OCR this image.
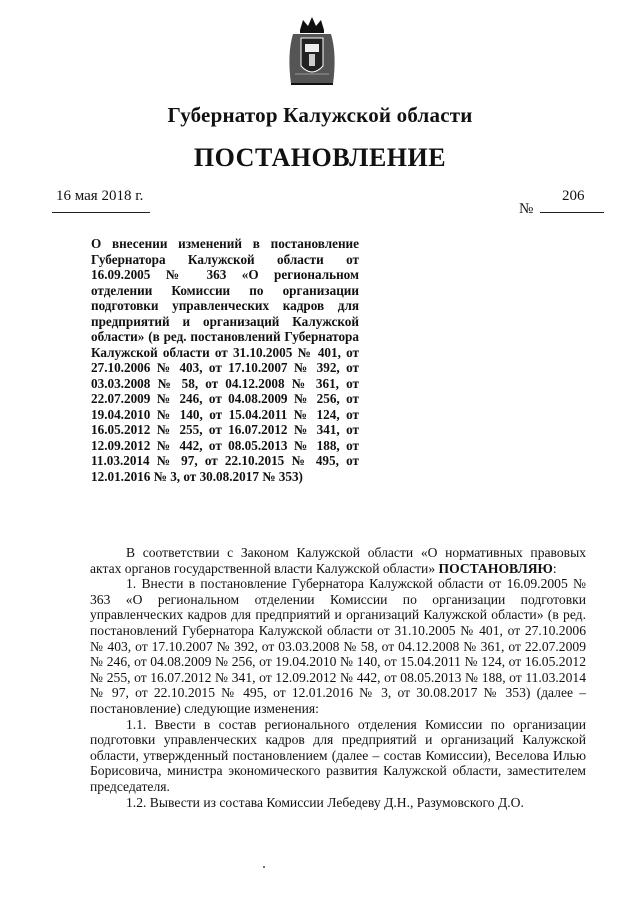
Губернатор Калужской области
ПОСТАНОВЛЕНИЕ
16 мая 2018 г.
№
206
О внесении изменений в постановление Губернатора Калужской области от 16.09.2005 № 363 «О региональном отделении Комиссии по организации подготовки управленческих кадров для предприятий и организаций Калужской области» (в ред. постановлений Губернатора Калужской области от 31.10.2005 № 401, от 27.10.2006 № 403, от 17.10.2007 № 392, от 03.03.2008 № 58, от 04.12.2008 № 361, от 22.07.2009 № 246, от 04.08.2009 № 256, от 19.04.2010 № 140, от 15.04.2011 № 124, от 16.05.2012 № 255, от 16.07.2012 № 341, от 12.09.2012 № 442, от 08.05.2013 № 188, от 11.03.2014 № 97, от 22.10.2015 № 495, от 12.01.2016 № 3, от 30.08.2017 № 353)

В соответствии с Законом Калужской области «О нормативных правовых актах органов государственной власти Калужской области» ПОСТАНОВЛЯЮ:

1. Внести в постановление Губернатора Калужской области от 16.09.2005 № 363 «О региональном отделении Комиссии по организации подготовки управленческих кадров для предприятий и организаций Калужской области» (в ред. постановлений Губернатора Калужской области от 31.10.2005 № 401, от 27.10.2006 № 403, от 17.10.2007 № 392, от 03.03.2008 № 58, от 04.12.2008 № 361, от 22.07.2009 № 246, от 04.08.2009 № 256, от 19.04.2010 № 140, от 15.04.2011 № 124, от 16.05.2012 № 255, от 16.07.2012 № 341, от 12.09.2012 № 442, от 08.05.2013 № 188, от 11.03.2014 № 97, от 22.10.2015 № 495, от 12.01.2016 № 3, от 30.08.2017 № 353) (далее – постановление) следующие изменения:

1.1. Ввести в состав регионального отделения Комиссии по организации подготовки управленческих кадров для предприятий и организаций Калужской области, утвержденный постановлением (далее – состав Комиссии), Веселова Илью Борисовича, министра экономического развития Калужской области, заместителем председателя.

1.2. Вывести из состава Комиссии Лебедеву Д.Н., Разумовского Д.О.
